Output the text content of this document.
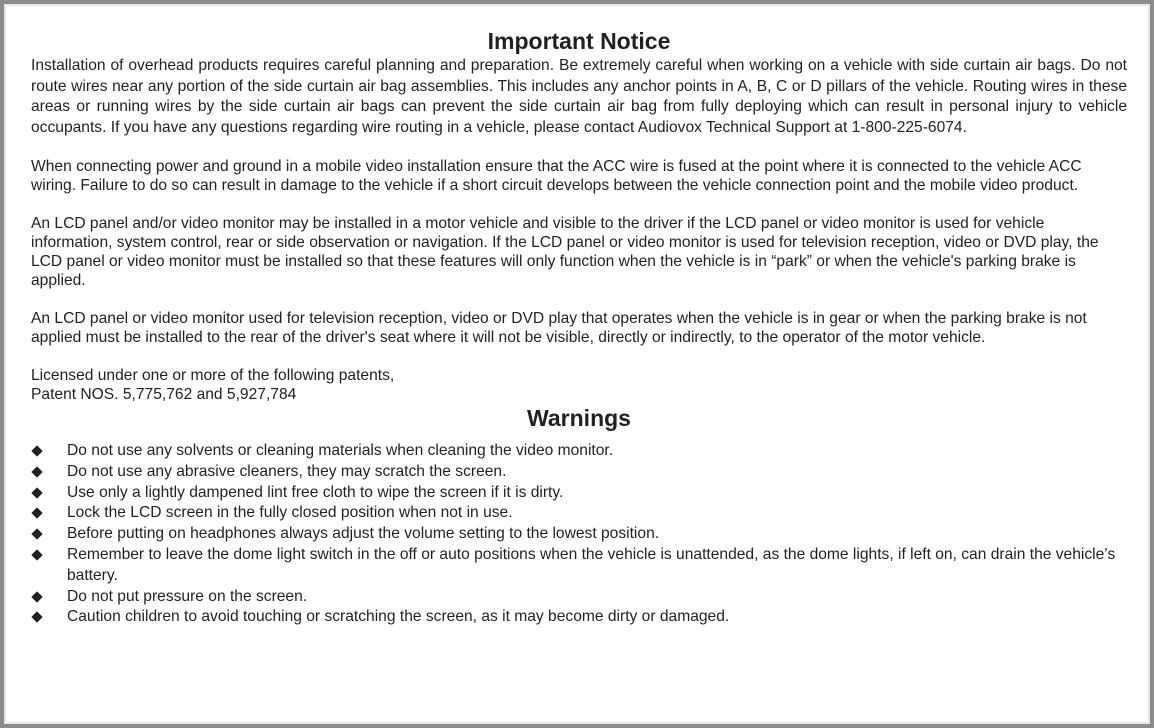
Important Notice

Installation of overhead products requires careful planning and preparation. Be extremely careful when working on a vehicle with side curtain air bags. Do not route wires near any portion of the side curtain air bag assemblies. This includes any anchor points in A, B, C or D pillars of the vehicle. Routing wires in these areas or running wires by the side curtain air bags can prevent the side curtain air bag from fully deploying which can result in personal injury to vehicle occupants. If you have any questions regarding wire routing in a vehicle, please contact Audiovox Technical Support at 1-800-225-6074.

When connecting power and ground in a mobile video installation ensure that the ACC wire is fused at the point where it is connected to the vehicle ACC wiring. Failure to do so can result in damage to the vehicle if a short circuit develops between the vehicle connection point and the mobile video product.

An LCD panel and/or video monitor may be installed in a motor vehicle and visible to the driver if the LCD panel or video monitor is used for vehicle information, system control, rear or side observation or navigation. If the LCD panel or video monitor is used for television reception, video or DVD play, the LCD panel or video monitor must be installed so that these features will only function when the vehicle is in “park” or when the vehicle's parking brake is applied.

An LCD panel or video monitor used for television reception, video or DVD play that operates when the vehicle is in gear or when the parking brake is not applied must be installed to the rear of the driver's seat where it will not be visible, directly or indirectly, to the operator of the motor vehicle.

Licensed under one or more of the following patents,

Patent NOS. 5,775,762 and 5,927,784

Warnings
Do not use any solvents or cleaning materials when cleaning the video monitor.
Do not use any abrasive cleaners, they may scratch the screen.
Use only a lightly dampened lint free cloth to wipe the screen if it is dirty.
Lock the LCD screen in the fully closed position when not in use.
Before putting on headphones always adjust the volume setting to the lowest position.
Remember to leave the dome light switch in the off or auto positions when the vehicle is unattended, as the dome lights, if left on, can drain the vehicle’s battery.
Do not put pressure on the screen.
Caution children to avoid touching or scratching the screen, as it may become dirty or damaged.
